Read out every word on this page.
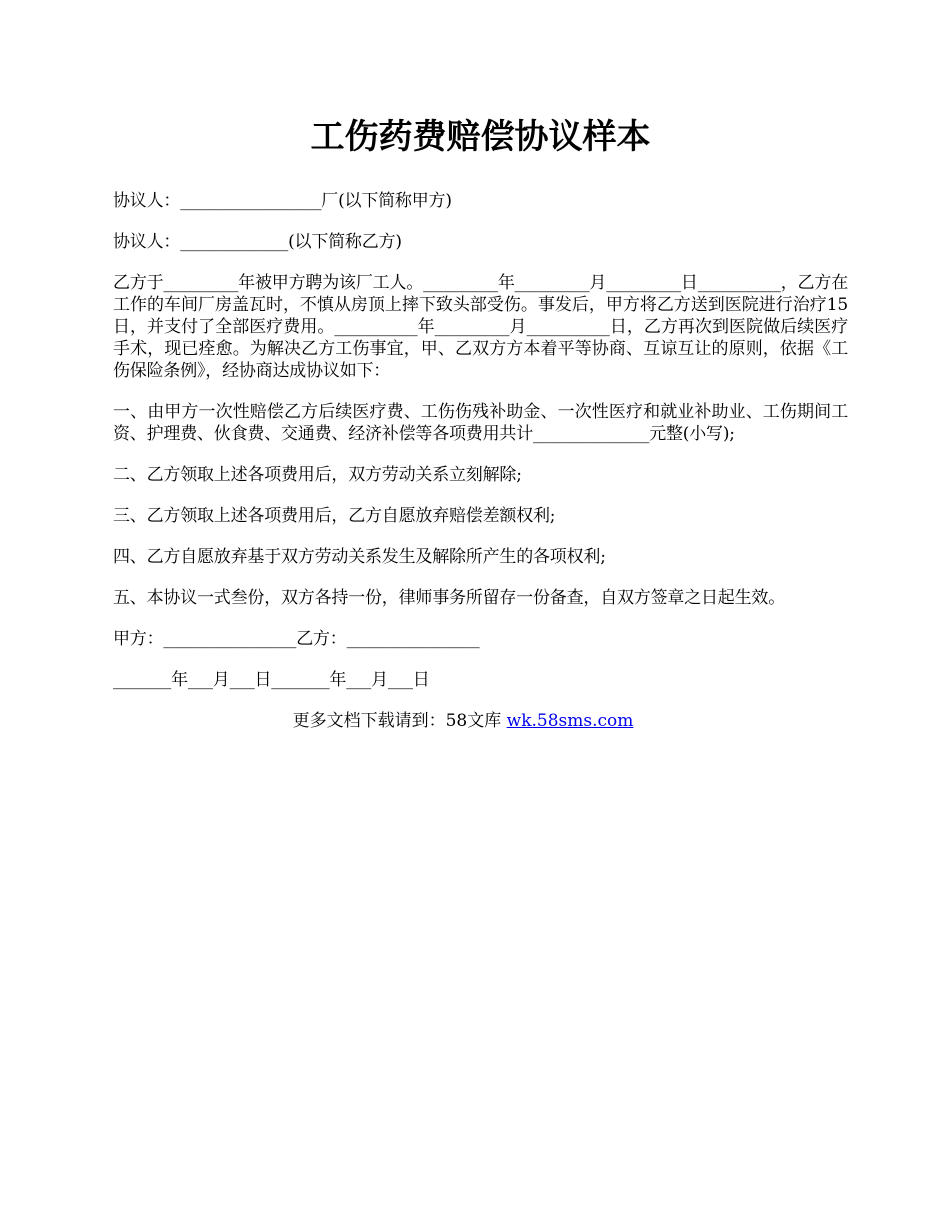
工伤药费赔偿协议样本

协议人：_________________厂(以下简称甲方)

协议人：_____________(以下简称乙方)

乙方于_________年被甲方聘为该厂工人。_________年_________月_________日__________，乙方在工作的车间厂房盖瓦时，不慎从房顶上摔下致头部受伤。事发后，甲方将乙方送到医院进行治疗15日，并支付了全部医疗费用。__________年_________月__________日，乙方再次到医院做后续医疗手术，现已痊愈。为解决乙方工伤事宜，甲、乙双方方本着平等协商、互谅互让的原则，依据《工伤保险条例》，经协商达成协议如下：

一、由甲方一次性赔偿乙方后续医疗费、工伤伤残补助金、一次性医疗和就业补助业、工伤期间工资、护理费、伙食费、交通费、经济补偿等各项费用共计______________元整(小写);

二、乙方领取上述各项费用后，双方劳动关系立刻解除;

三、乙方领取上述各项费用后，乙方自愿放弃赔偿差额权利;

四、乙方自愿放弃基于双方劳动关系发生及解除所产生的各项权利;

五、本协议一式叁份，双方各持一份，律师事务所留存一份备查，自双方签章之日起生效。

甲方：________________乙方：________________

_______年___月___日_______年___月___日

更多文档下载请到：58文库 wk.58sms.com
